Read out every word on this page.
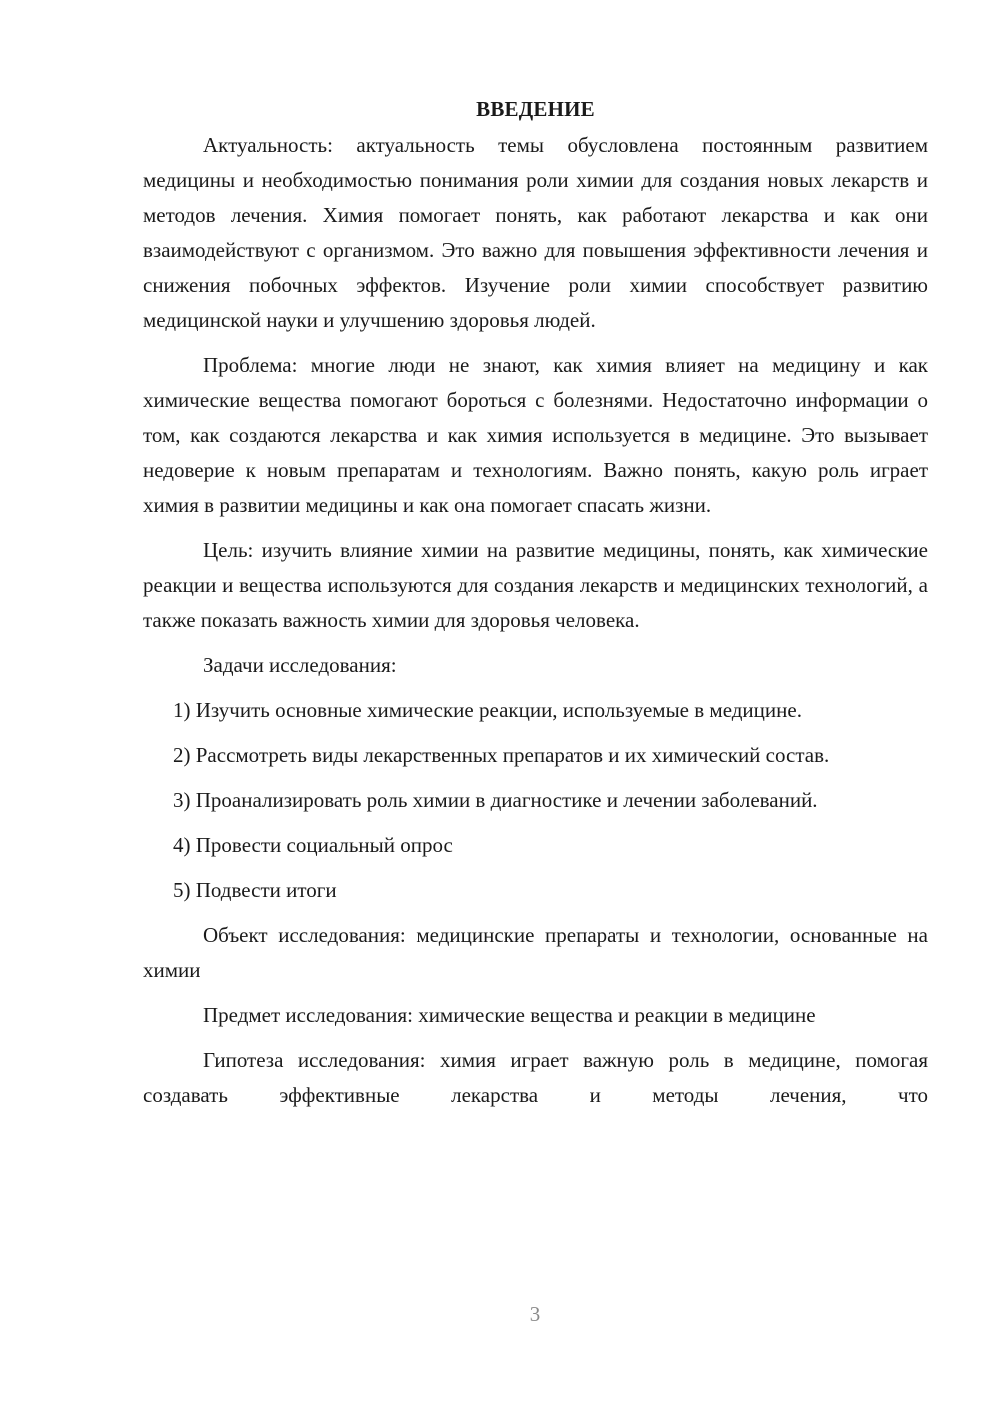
ВВЕДЕНИЕ

Актуальность: актуальность темы обусловлена постоянным развитием медицины и необходимостью понимания роли химии для создания новых лекарств и методов лечения. Химия помогает понять, как работают лекарства и как они взаимодействуют с организмом. Это важно для повышения эффективности лечения и снижения побочных эффектов. Изучение роли химии способствует развитию медицинской науки и улучшению здоровья людей.

Проблема: многие люди не знают, как химия влияет на медицину и как химические вещества помогают бороться с болезнями. Недостаточно информации о том, как создаются лекарства и как химия используется в медицине. Это вызывает недоверие к новым препаратам и технологиям. Важно понять, какую роль играет химия в развитии медицины и как она помогает спасать жизни.

Цель: изучить влияние химии на развитие медицины, понять, как химические реакции и вещества используются для создания лекарств и медицинских технологий, а также показать важность химии для здоровья человека.

Задачи исследования:

1) Изучить основные химические реакции, используемые в медицине.

2) Рассмотреть виды лекарственных препаратов и их химический состав.

3) Проанализировать роль химии в диагностике и лечении заболеваний.

4) Провести социальный опрос

5) Подвести итоги

Объект исследования: медицинские препараты и технологии, основанные на химии

Предмет исследования: химические вещества и реакции в медицине

Гипотеза исследования: химия играет важную роль в медицине, помогая создавать эффективные лекарства и методы лечения, что

3
